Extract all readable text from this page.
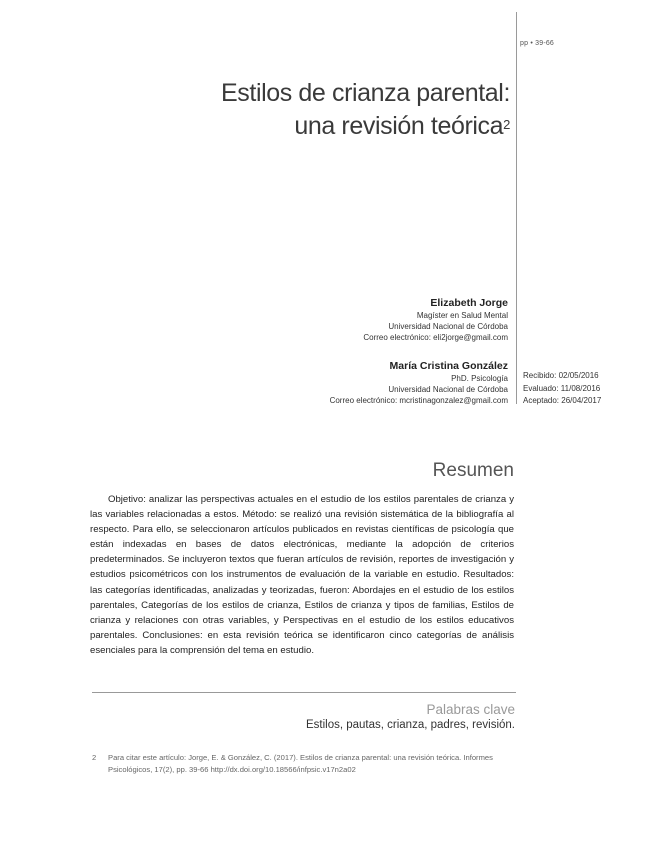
pp • 39-66
Estilos de crianza parental:
una revisión teórica$^2$
Elizabeth Jorge
Magíster en Salud Mental
Universidad Nacional de Córdoba
Correo electrónico: eli2jorge@gmail.com
María Cristina González
PhD. Psicología
Universidad Nacional de Córdoba
Correo electrónico: mcristinagonzalez@gmail.com
Recibido: 02/05/2016
Evaluado: 11/08/2016
Aceptado: 26/04/2017
Resumen

Objetivo: analizar las perspectivas actuales en el estudio de los estilos parentales de crianza y las variables relacionadas a estos. Método: se realizó una revisión sistemática de la bibliografía al respecto. Para ello, se seleccionaron artículos publicados en revistas científicas de psicología que están indexadas en bases de datos electrónicas, mediante la adopción de criterios predeterminados. Se incluyeron textos que fueran artículos de revisión, reportes de investigación y estudios psicométricos con los instrumentos de evaluación de la variable en estudio. Resultados: las categorías identificadas, analizadas y teorizadas, fueron: Abordajes en el estudio de los estilos parentales, Categorías de los estilos de crianza, Estilos de crianza y tipos de familias, Estilos de crianza y relaciones con otras variables, y Perspectivas en el estudio de los estilos educativos parentales. Conclusiones: en esta revisión teórica se identificaron cinco categorías de análisis esenciales para la comprensión del tema en estudio.

Palabras clave
Estilos, pautas, crianza, padres, revisión.
2 Para citar este artículo: Jorge, E. & González, C. (2017). Estilos de crianza parental: una revisión teórica. Informes Psicológicos, 17(2), pp. 39-66 http://dx.doi.org/10.18566/infpsic.v17n2a02
